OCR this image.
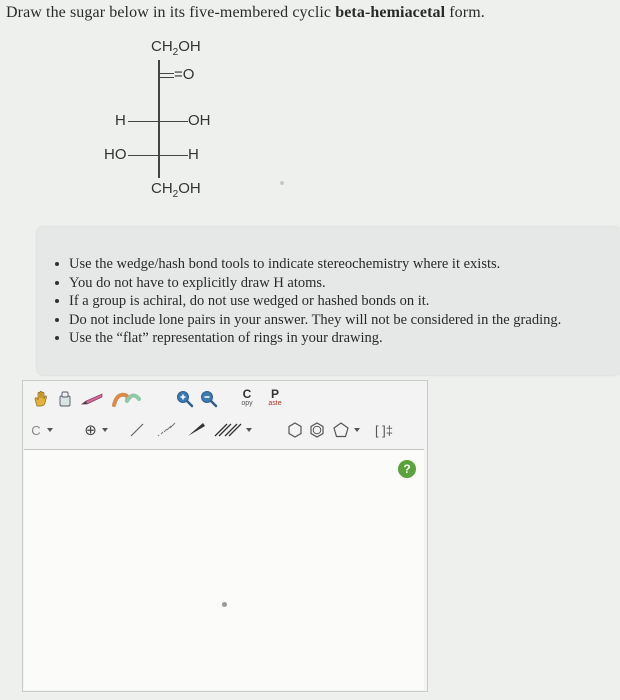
Draw the sugar below in its five-membered cyclic beta-hemiacetal form.
$CH_2OH$
=O
H	OH
HO	H
$CH_2OH$
Use the wedge/hash bond tools to indicate stereochemistry where it exists.
You do not have to explicitly draw H atoms.
If a group is achiral, do not use wedged or hashed bonds on it.
Do not include lone pairs in your answer. They will not be considered in the grading.
Use the “flat” representation of rings in your drawing.
C
opy
P
aste
C	⊕	[ ]‡
?
